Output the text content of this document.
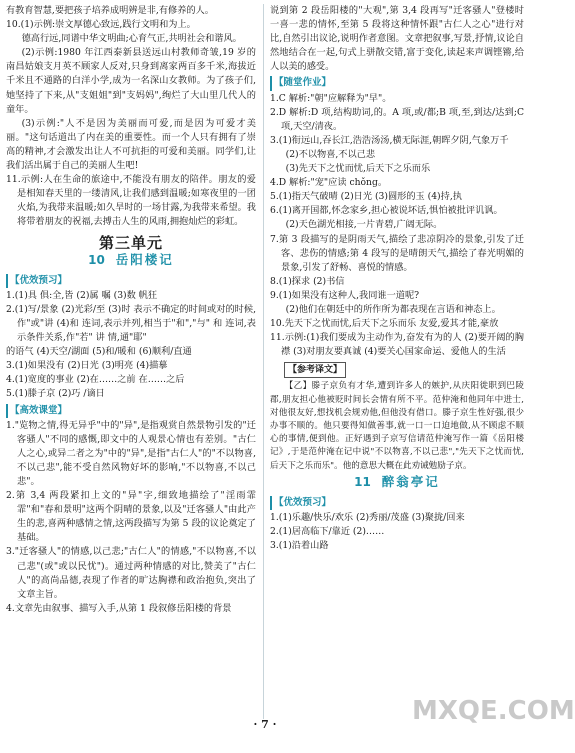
有教育智慧,要把孩子培养成明辨是非,有修养的人。

10.(1)示例:崇文厚德心致远,践行文明和为上。

德高行远,同谱中华文明曲;心育气正,共明社会和谐风。

(2)示例:1980 年江西泰新县送远山村教师奇皱,19 岁的南昌姑娘支月英不顾家人反对,只身到离家两百多千米,海拔近千米且不通路的白洋小学,成为一名深山女教师。为了孩子们,她坚持了下来,从"支姐姐"到"支妈妈",绚烂了大山里几代人的童年。

(3)示例:"人不是因为美丽而可爱,而是因为可爱才美丽。"这句话道出了内在美的重要性。而一个人只有拥有了崇高的精神,才会激发出让人不可抗拒的可爱和美丽。同学们,让我们活出属于自己的美丽人生吧!

11.示例:人在生命的旅途中,不能没有朋友的陪伴。朋友的爱是相知春天里的一缕清风,让我们感到温暖;如寒夜里的一团火焰,为我带来温暖;如久旱时的一场甘露,为我带来希望。我将带着朋友的祝福,去搏击人生的风雨,拥抱灿烂的彩虹。

第三单元
10 岳阳楼记
【优效预习】

1.(1)具 俱:全,皆 (2)属 嘱 (3)数 帆狂

2.(1)写/景象 (2)光彩/至 (3)时 表示不确定的时间或对的时候,作"或"讲 (4)和 连词,表示并列,相当于"和","与" 和 连词,表示条件关系,作"若" 讲 情,通"耶"

的语气 (4)天空/湖面 (5)和/暖和 (6)顺利/直通

3.(1)如果没有 (2)日光 (3)明亮 (4)描摹

4.(1)宽度的事业 (2)在……之前 在……之后

5.(1)滕子京 (2)巧 /谪日

【高效课堂】

1."览物之情,得无异乎"中的"异",是指观赏自然景物引发的"迁客骚人"不同的感慨,即文中的人观景心情也有差别。"古仁人之心,或异二者之为"中的"异",是指"古仁人"的"不以物喜,不以己悲",能不受自然风物好坏的影响,"不以物喜,不以己悲"。

2.第 3,4 两段紧扣上文的"异"字,细致地描绘了"淫雨霏霏"和"春和景明"这两个阴晴的景象,以及"迁客骚人"由此产生的悲,喜两种感情之情,这两段描写为第 5 段的议论奠定了基础。

3."迁客骚人"的情感,以己悲;"古仁人"的情感,"不以物喜,不以己悲"(或"或以民忧")。通过两种情感的对比,赞美了"古仁人"的高尚品德,表现了作者的旷达胸襟和政治抱负,突出了文章主旨。

4.文章先由叙事、描写入手,从第 1 段叙修岳阳楼的背景

说到第 2 段岳阳楼的"大观",第 3,4 段再写"迁客骚人"登楼时一喜一悲的情怀,至第 5 段将这种情怀跟"古仁人之心"进行对比,自然引出议论,说明作者意图。文章把叙事,写景,抒情,议论自然地结合在一起,句式上骈散交错,富于变化,读起来声调铿锵,给人以美的感受。

【随堂作业】

1.C 解析:"朝"应解释为"早"。

2.D 解析:D 项,结构助词,的。A 项,或/都;B 项,至,到达/达到;C 项,天空/清夜。

3.(1)衔远山,吞长江,浩浩汤汤,横无际涯,朝晖夕阴,气象万千

(2)不以物喜,不以己悲

(3)先天下之忧而忧,后天下之乐而乐

4.D 解析:"宠"应读 chǒng。

5.(1)指天气破晴 (2)日光 (3)圆形的玉 (4)持,执

6.(1)离开国都,怀念家乡,担心被说坏话,惧怕被批评讥讽。

(2)天色湖光相接,一片青碧,广阔无际。

7.第 3 段描写的是阴雨天气,描绘了悲凉阴冷的景象,引发了迁客、悲伤的情感;第 4 段写的是晴朗天气,描绘了春光明媚的景象,引发了舒畅、喜悦的情感。

8.(1)探求 (2)书信

9.(1)如果没有这种人,我同谁一道呢?

(2)他们在朝廷中的所作所为都表现在言语和神态上。

10.先天下之忧而忧,后天下之乐而乐 友爱,爱其才能,豪放

11.示例:(1)我们要成为主动作为,奋发有为的人 (2)要开阔的胸襟 (3)对朋友要真诚 (4)要关心国家命运、爱他人的生活

【参考译文】

【乙】滕子京负有才华,遭到许多人的嫉护,从庆阳徙职到巴陵郡,朋友担心他被贬时间长会情有所不平。范仲淹和他同年中进士,对他很友好,想找机会规劝他,但他没有借口。滕子京生性好强,很少办事不顺的。他只要得知做善事,就一口一口迫地做,从不顾虑不顺心的事情,便到他。正好遇到子京写信请范仲淹写作一篇《岳阳楼记》,于是范仲淹在记中说"不以物喜,不以己悲","先天下之忧而忧,后天下之乐而乐"。他的意思大概在此劝诫勉励子京。

11 醉翁亭记
【优效预习】

1.(1)乐趣/快乐/欢乐 (2)秀丽/茂盛 (3)聚拢/回来

2.(1)居高临下/靠近 (2)……

3.(1)沿着山路

MXQE.COM
· 7 ·
